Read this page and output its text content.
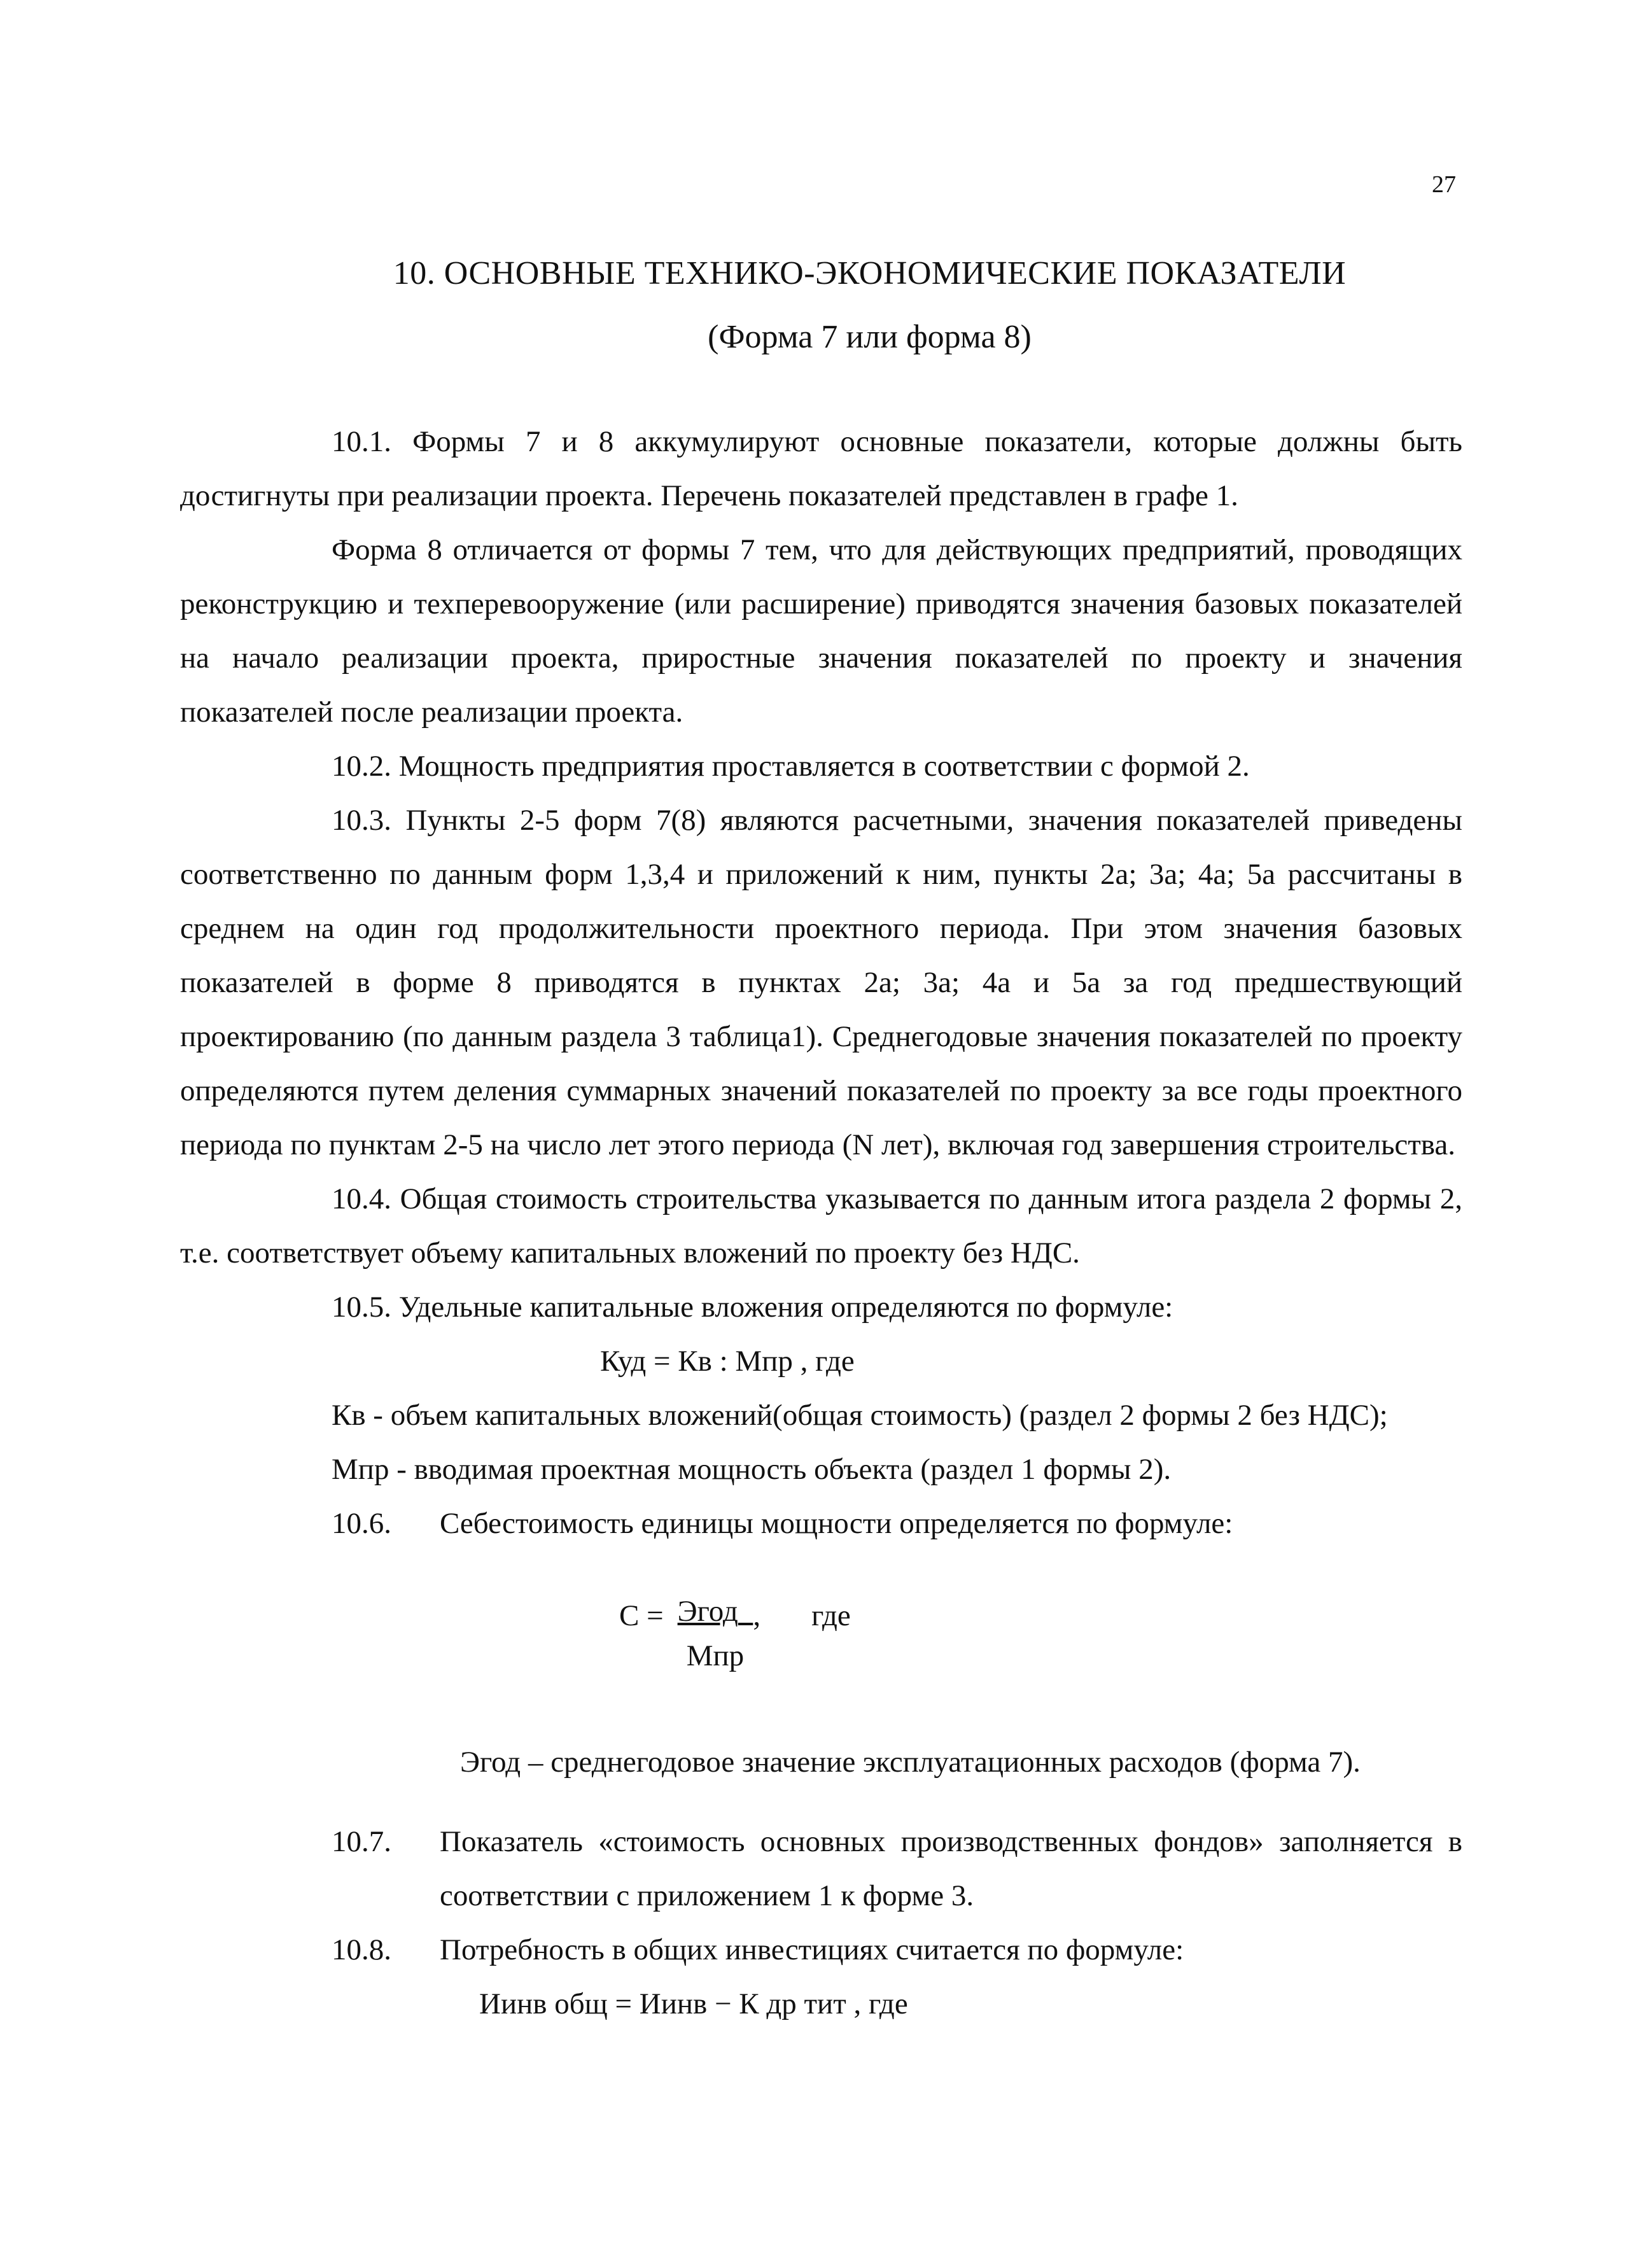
27
10. ОСНОВНЫЕ ТЕХНИКО-ЭКОНОМИЧЕСКИЕ ПОКАЗАТЕЛИ
(Форма 7 или форма 8)

10.1. Формы 7 и 8 аккумулируют основные показатели, которые должны быть достигнуты при реализации проекта. Перечень показателей представлен в графе 1.

Форма 8 отличается от формы 7 тем, что для действующих предприятий, проводящих реконструкцию и техперевооружение (или расширение) приводятся значения базовых показателей на начало реализации проекта, приростные значения показателей по проекту и значения показателей после реализации проекта.

10.2. Мощность предприятия проставляется в соответствии с формой 2.

10.3. Пункты 2-5 форм 7(8) являются расчетными, значения показателей приведены соответственно по данным форм 1,3,4 и приложений к ним, пункты 2а; 3а; 4а; 5а рассчитаны в среднем на один год продолжительности проектного периода. При этом значения базовых показателей в форме 8 приводятся в пунктах 2а; 3а; 4а и 5а за год предшествующий проектированию (по данным раздела 3 таблица1). Среднегодовые значения показателей по проекту определяются путем деления суммарных значений показателей по проекту за все годы проектного периода по пунктам 2-5 на число лет этого периода (N лет), включая год завершения строительства.

10.4. Общая стоимость строительства указывается по данным итога раздела 2 формы 2, т.е. соответствует объему капитальных вложений по проекту без НДС.

10.5. Удельные капитальные вложения определяются по формуле:

Куд = Кв : Мпр , где

Кв - объем капитальных вложений(общая стоимость) (раздел 2 формы 2 без НДС);

Мпр - вводимая проектная мощность объекта (раздел 1 формы 2).

10.6.	Себестоимость единицы мощности определяется по формуле:
$С = \frac{\text{Эгод}}{\text{Мпр}}$ , где

Эгод – среднегодовое значение эксплуатационных расходов (форма 7).

10.7.	Показатель «стоимость основных производственных фондов» заполняется в соответствии с приложением 1 к форме 3.
10.8.	Потребность в общих инвестициях считается по формуле:

Иинв общ = Иинв − К др тит , где
